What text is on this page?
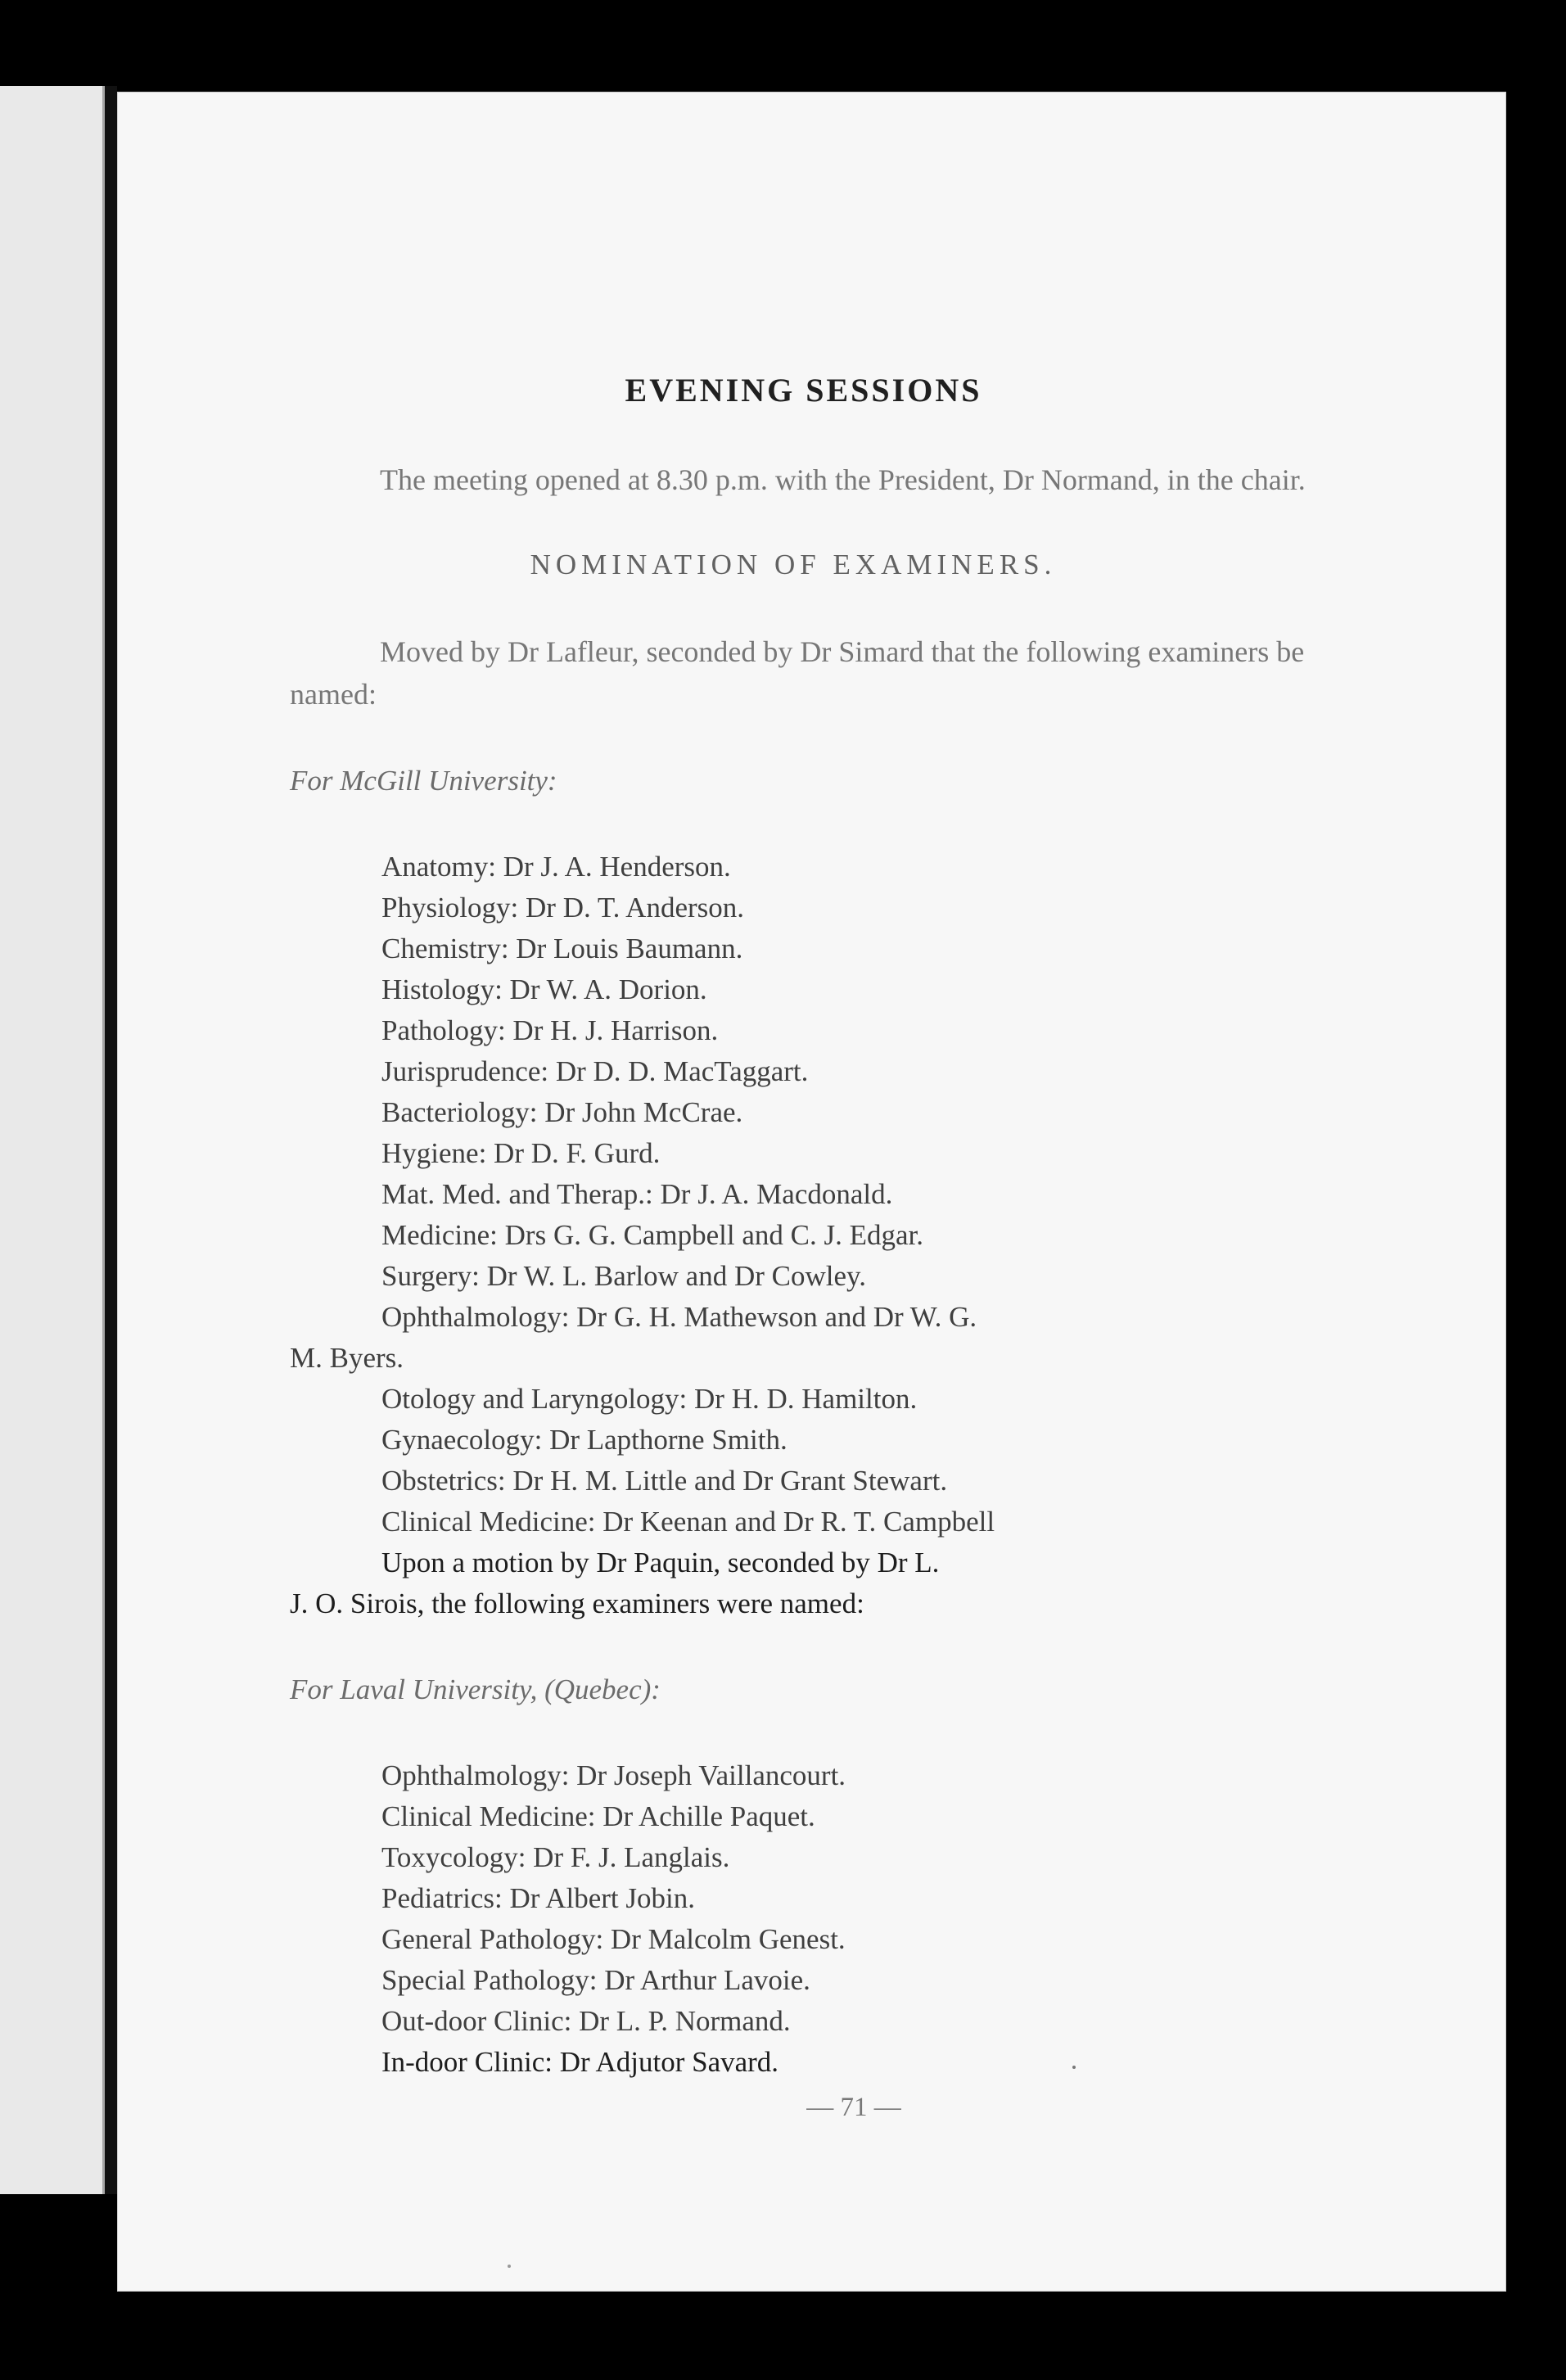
EVENING SESSIONS

The meeting opened at 8.30 p.m. with the President, Dr Normand, in the chair.

NOMINATION OF EXAMINERS.

Moved by Dr Lafleur, seconded by Dr Simard that the following examiners be named:

For McGill University:
Anatomy: Dr J. A. Henderson.
Physiology: Dr D. T. Anderson.
Chemistry: Dr Louis Baumann.
Histology: Dr W. A. Dorion.
Pathology: Dr H. J. Harrison.
Jurisprudence: Dr D. D. MacTaggart.
Bacteriology: Dr John McCrae.
Hygiene: Dr D. F. Gurd.
Mat. Med. and Therap.: Dr J. A. Macdonald.
Medicine: Drs G. G. Campbell and C. J. Edgar.
Surgery: Dr W. L. Barlow and Dr Cowley.
Ophthalmology: Dr G. H. Mathewson and Dr W. G.
M. Byers.
Otology and Laryngology: Dr H. D. Hamilton.
Gynaecology: Dr Lapthorne Smith.
Obstetrics: Dr H. M. Little and Dr Grant Stewart.
Clinical Medicine: Dr Keenan and Dr R. T. Campbell
Upon a motion by Dr Paquin, seconded by Dr L.
J. O. Sirois, the following examiners were named:
For Laval University, (Quebec):
Ophthalmology: Dr Joseph Vaillancourt.
Clinical Medicine: Dr Achille Paquet.
Toxycology: Dr F. J. Langlais.
Pediatrics: Dr Albert Jobin.
General Pathology: Dr Malcolm Genest.
Special Pathology: Dr Arthur Lavoie.
Out-door Clinic: Dr L. P. Normand.
In-door Clinic: Dr Adjutor Savard.
— 71 —
